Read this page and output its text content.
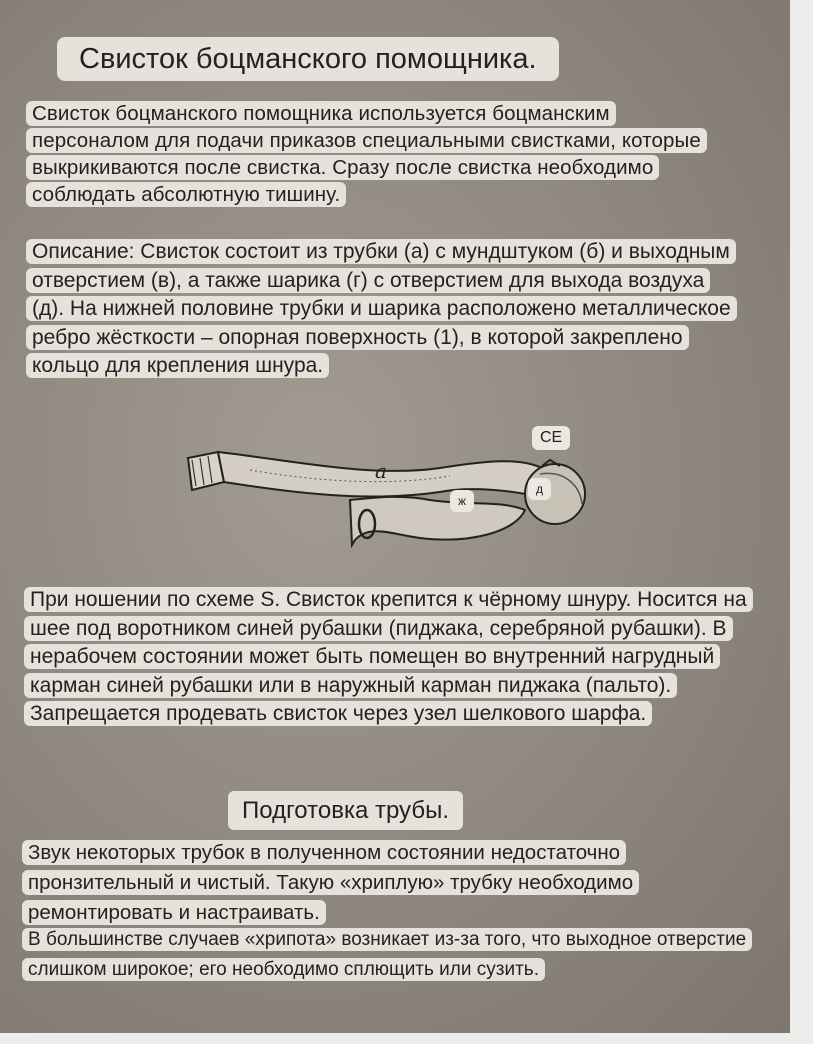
Свисток боцманского помощника.

Свисток боцманского помощника используется боцманским персоналом для подачи приказов специальными свистками, которые выкрикиваются после свистка. Сразу после свистка необходимо соблюдать абсолютную тишину.

Описание: Свисток состоит из трубки (а) с мундштуком (б) и выходным отверстием (в), а также шарика (г) с отверстием для выхода воздуха (д). На нижней половине трубки и шарика расположено металлическое ребро жёсткости – опорная поверхность (1), в которой закреплено кольцо для крепления шнура.

a
CE
д
ж

При ношении по схеме S. Свисток крепится к чёрному шнуру. Носится на шее под воротником синей рубашки (пиджака, серебряной рубашки). В нерабочем состоянии может быть помещен во внутренний нагрудный карман синей рубашки или в наружный карман пиджака (пальто). Запрещается продевать свисток через узел шелкового шарфа.

Подготовка трубы.

Звук некоторых трубок в полученном состоянии недостаточно пронзительный и чистый. Такую «хриплую» трубку необходимо ремонтировать и настраивать.

В большинстве случаев «хрипота» возникает из-за того, что выходное отверстие слишком широкое; его необходимо сплющить или сузить.
